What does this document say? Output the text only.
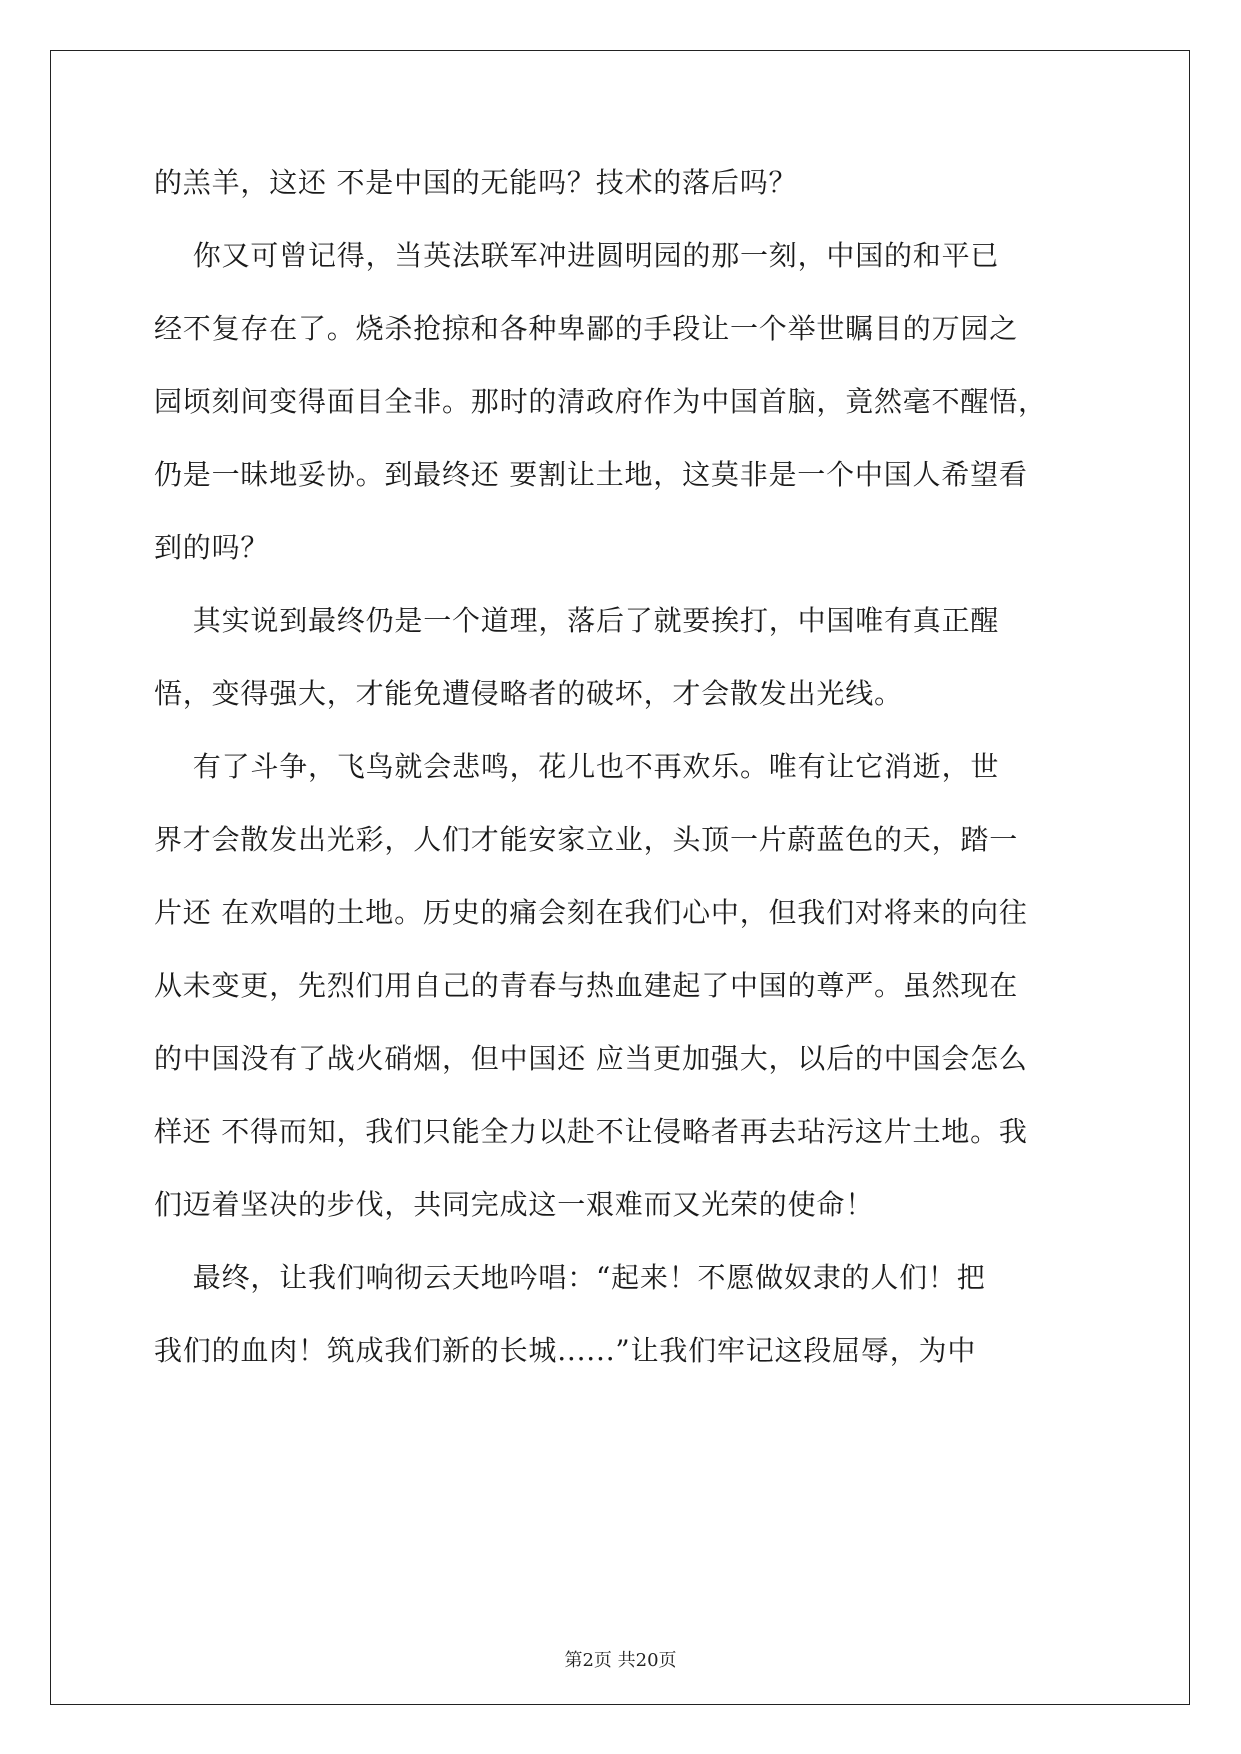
的羔羊，这还 不是中国的无能吗？技术的落后吗？
你又可曾记得，当英法联军冲进圆明园的那一刻，中国的和平已
经不复存在了。烧杀抢掠和各种卑鄙的手段让一个举世瞩目的万园之
园顷刻间变得面目全非。那时的清政府作为中国首脑，竟然毫不醒悟，
仍是一昧地妥协。到最终还 要割让土地，这莫非是一个中国人希望看
到的吗？
其实说到最终仍是一个道理，落后了就要挨打，中国唯有真正醒
悟，变得强大，才能免遭侵略者的破坏，才会散发出光线。
有了斗争，飞鸟就会悲鸣，花儿也不再欢乐。唯有让它消逝，世
界才会散发出光彩，人们才能安家立业，头顶一片蔚蓝色的天，踏一
片还 在欢唱的土地。历史的痛会刻在我们心中，但我们对将来的向往
从未变更，先烈们用自己的青春与热血建起了中国的尊严。虽然现在
的中国没有了战火硝烟，但中国还 应当更加强大，以后的中国会怎么
样还 不得而知，我们只能全力以赴不让侵略者再去玷污这片土地。我
们迈着坚决的步伐，共同完成这一艰难而又光荣的使命！
最终，让我们响彻云天地吟唱：“起来！不愿做奴隶的人们！把
我们的血肉！筑成我们新的长城......”让我们牢记这段屈辱，为中
第2页 共20页
